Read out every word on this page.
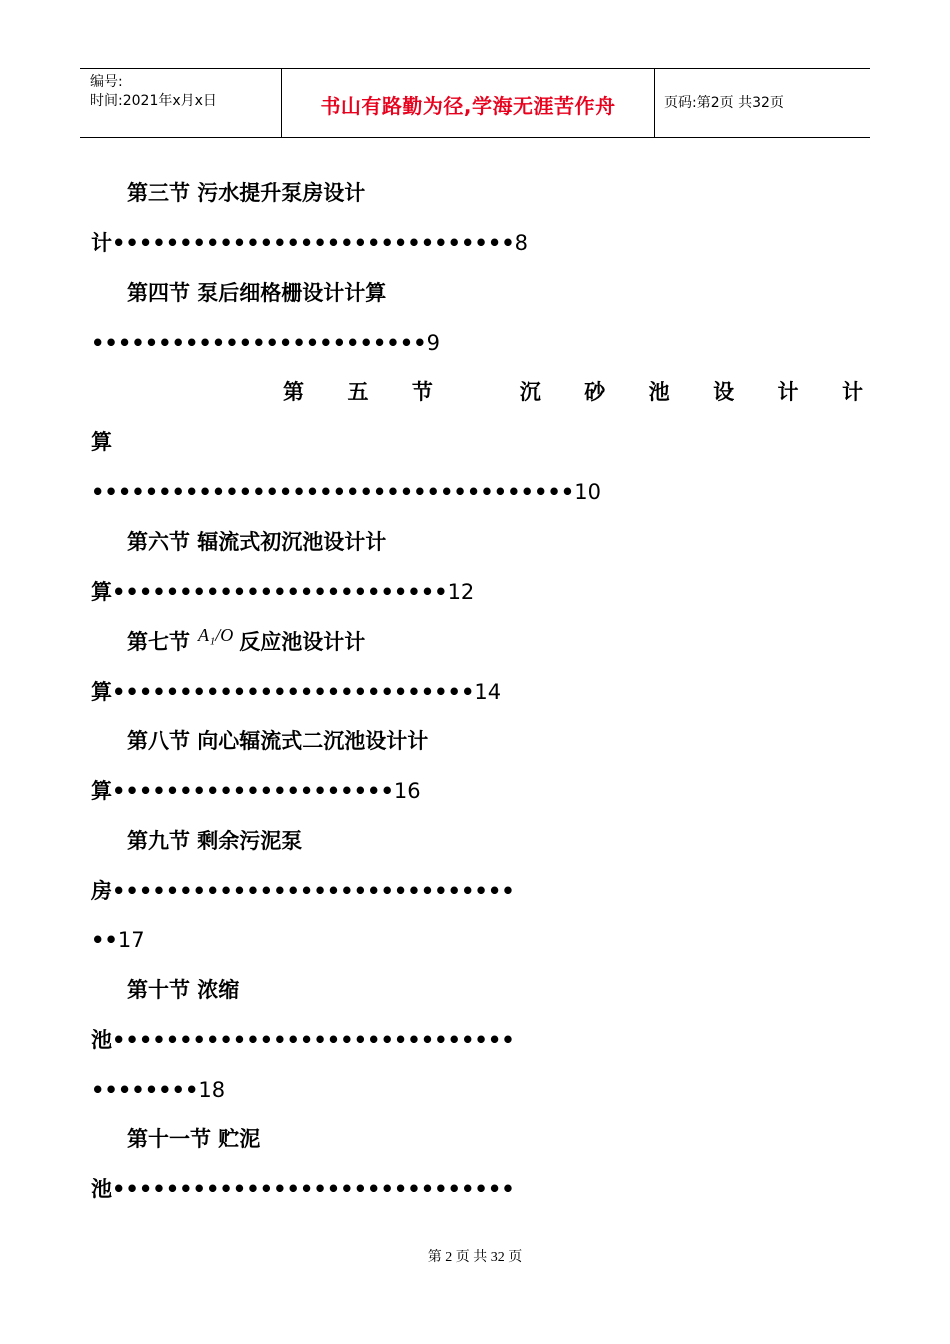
编号:
时间:2021年x月x日	书山有路勤为径,学海无涯苦作舟	页码:第2页 共32页
第三节 污水提升泵房设计
计••••••••••••••••••••••••••••••8
第四节 泵后细格栅设计计算
•••••••••••••••••••••••••9
第 五 节	沉 砂 池 设 计 计
算
••••••••••••••••••••••••••••••••••••10
第六节 辐流式初沉池设计计
算•••••••••••••••••••••••••12
第七节 A₁/O 反应池设计计
算•••••••••••••••••••••••••••14
第八节 向心辐流式二沉池设计计
算•••••••••••••••••••••16
第九节 剩余污泥泵
房••••••••••••••••••••••••••••••
••17
第十节 浓缩
池••••••••••••••••••••••••••••••
••••••••18
第十一节 贮泥
池••••••••••••••••••••••••••••••
第 2 页 共 32 页
